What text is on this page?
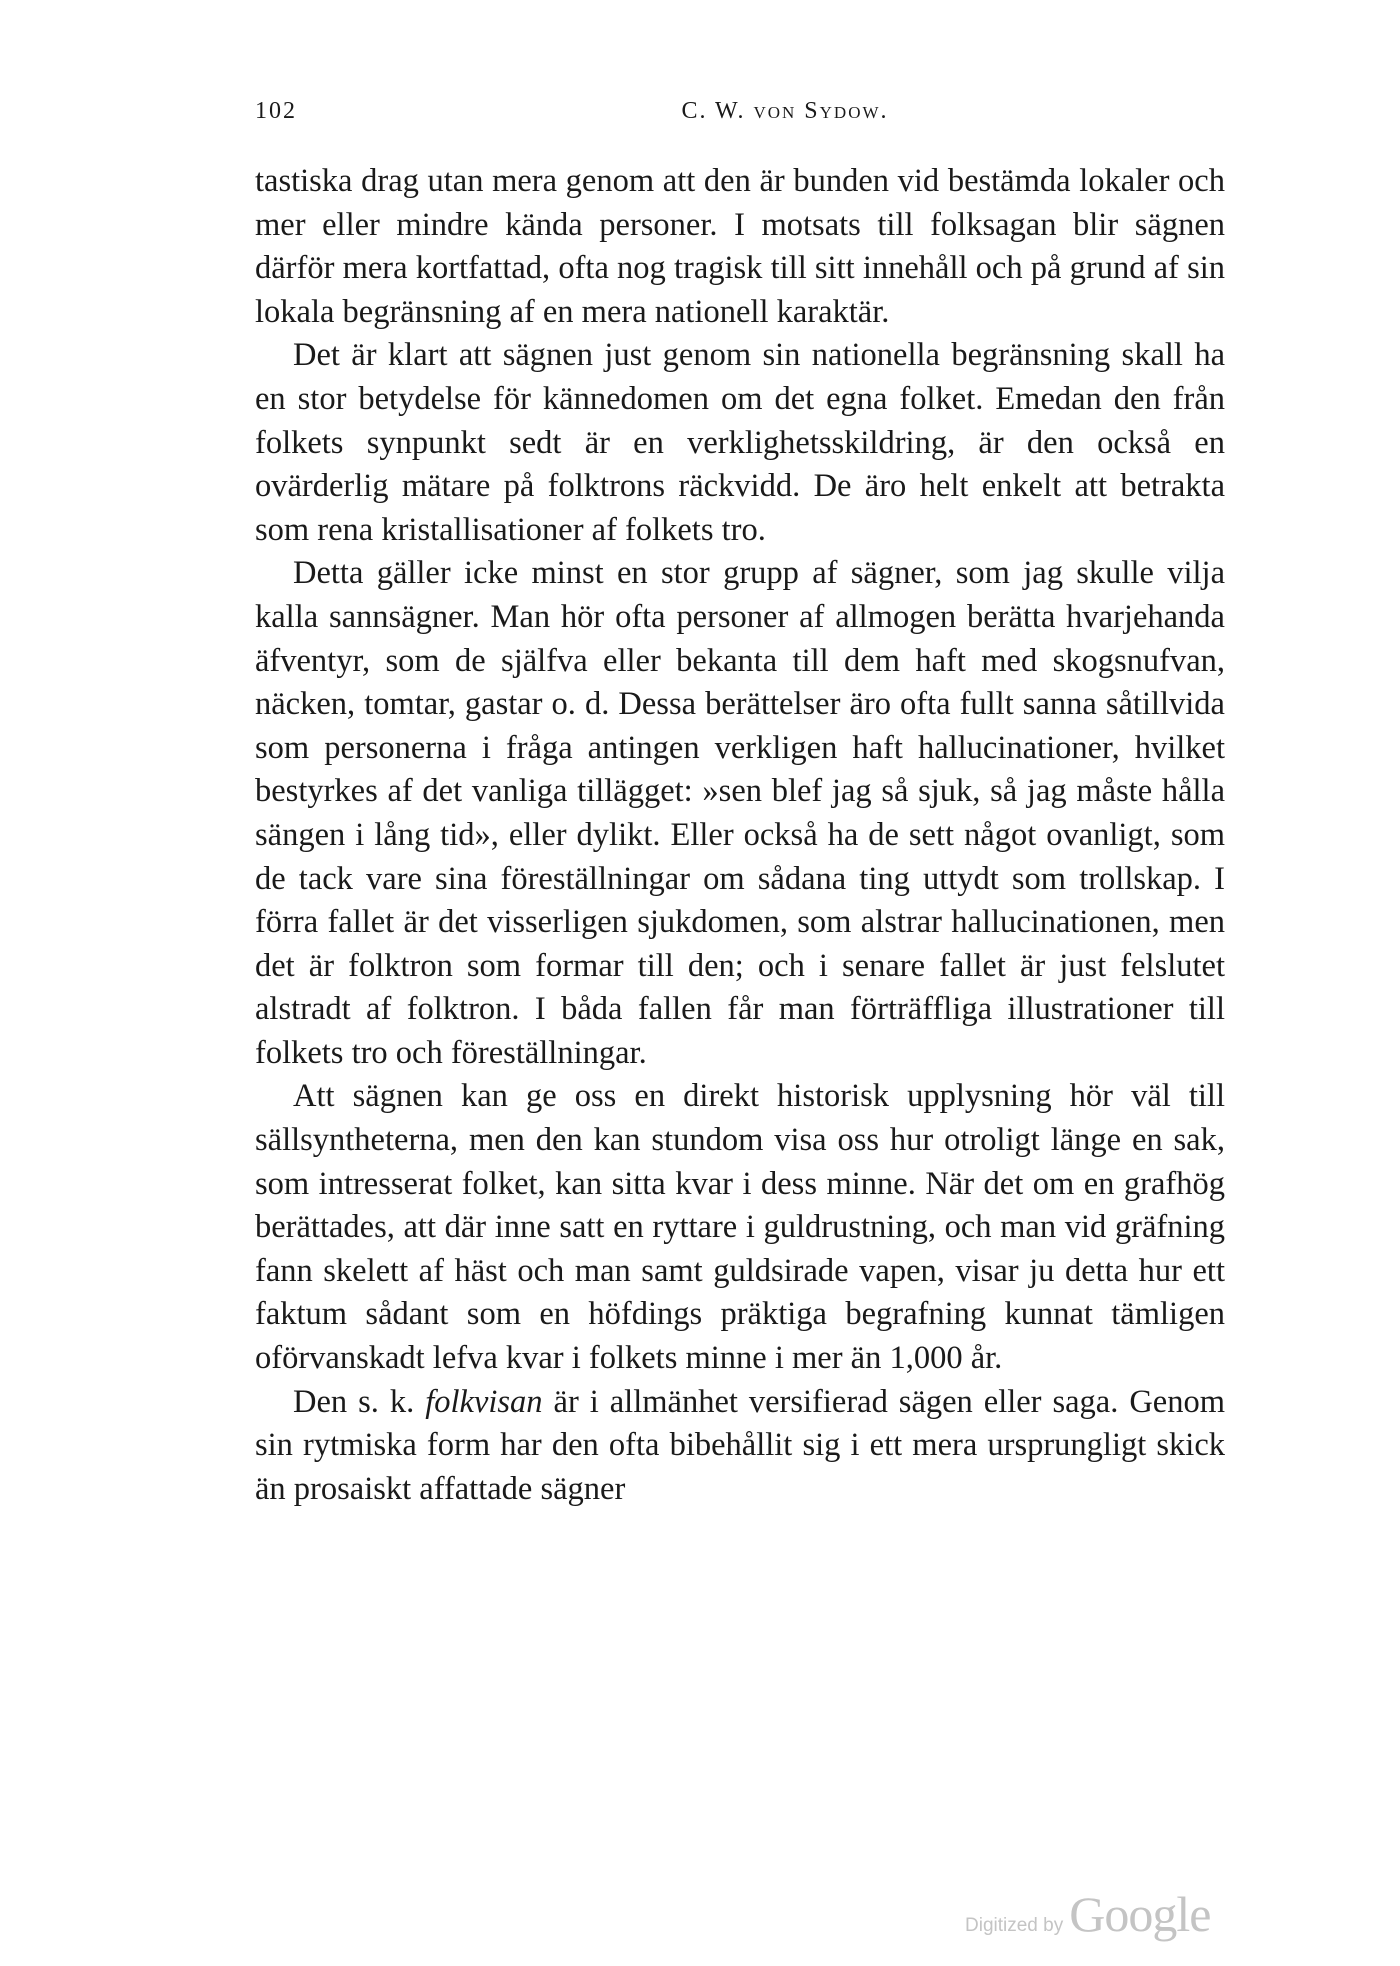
102	C. W. von Sydow.

tastiska drag utan mera genom att den är bunden vid bestämda lokaler och mer eller mindre kända personer. I motsats till folksagan blir sägnen därför mera kortfattad, ofta nog tragisk till sitt innehåll och på grund af sin lokala begränsning af en mera nationell karaktär.

Det är klart att sägnen just genom sin nationella begränsning skall ha en stor betydelse för kännedomen om det egna folket. Emedan den från folkets synpunkt sedt är en verklighetsskildring, är den också en ovärderlig mätare på folktrons räckvidd. De äro helt enkelt att betrakta som rena kristallisationer af folkets tro.

Detta gäller icke minst en stor grupp af sägner, som jag skulle vilja kalla sannsägner. Man hör ofta personer af allmogen berätta hvarjehanda äfventyr, som de själfva eller bekanta till dem haft med skogsnufvan, näcken, tomtar, gastar o. d. Dessa berättelser äro ofta fullt sanna såtillvida som personerna i fråga antingen verkligen haft hallucinationer, hvilket bestyrkes af det vanliga tillägget: »sen blef jag så sjuk, så jag måste hålla sängen i lång tid», eller dylikt. Eller också ha de sett något ovanligt, som de tack vare sina föreställningar om sådana ting uttydt som trollskap. I förra fallet är det visserligen sjukdomen, som alstrar hallucinationen, men det är folktron som formar till den; och i senare fallet är just felslutet alstradt af folktron. I båda fallen får man förträffliga illustrationer till folkets tro och föreställningar.

Att sägnen kan ge oss en direkt historisk upplysning hör väl till sällsyntheterna, men den kan stundom visa oss hur otroligt länge en sak, som intresserat folket, kan sitta kvar i dess minne. När det om en grafhög berättades, att där inne satt en ryttare i guldrustning, och man vid gräfning fann skelett af häst och man samt guldsirade vapen, visar ju detta hur ett faktum sådant som en höfdings präktiga begrafning kunnat tämligen oförvanskadt lefva kvar i folkets minne i mer än 1,000 år.

Den s. k. folkvisan är i allmänhet versifierad sägen eller saga. Genom sin rytmiska form har den ofta bibehållit sig i ett mera ursprungligt skick än prosaiskt affattade sägner

Digitized by Google
